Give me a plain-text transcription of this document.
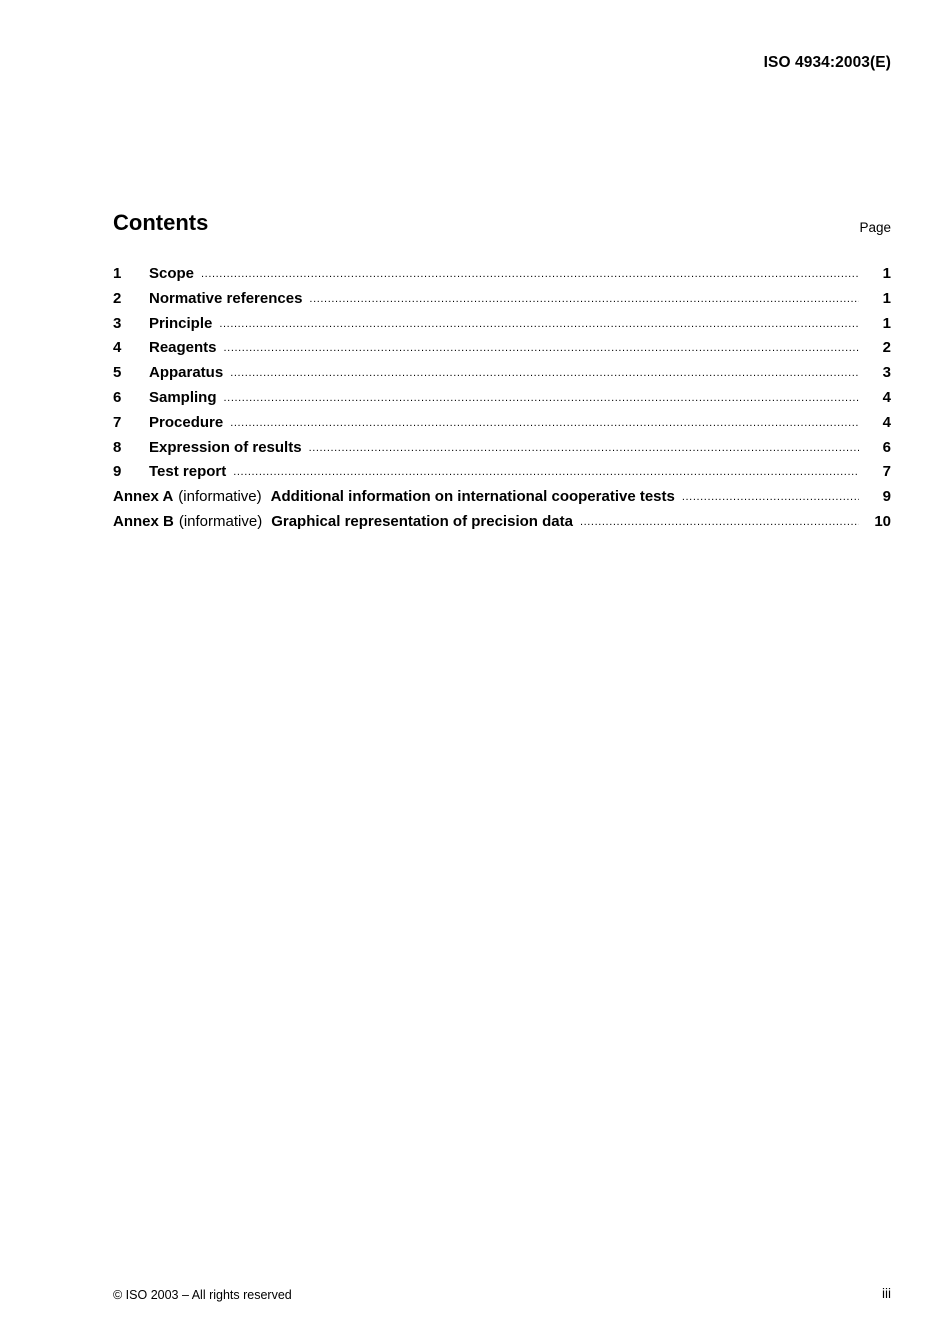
ISO 4934:2003(E)
Contents	Page
1	Scope .....	1
2	Normative references .....	1
3	Principle .....	1
4	Reagents .....	2
5	Apparatus .....	3
6	Sampling .....	4
7	Procedure .....	4
8	Expression of results .....	6
9	Test report .....	7
Annex A (informative) Additional information on international cooperative tests .....	9
Annex B (informative) Graphical representation of precision data .....	10
© ISO 2003 – All rights reserved	iii
